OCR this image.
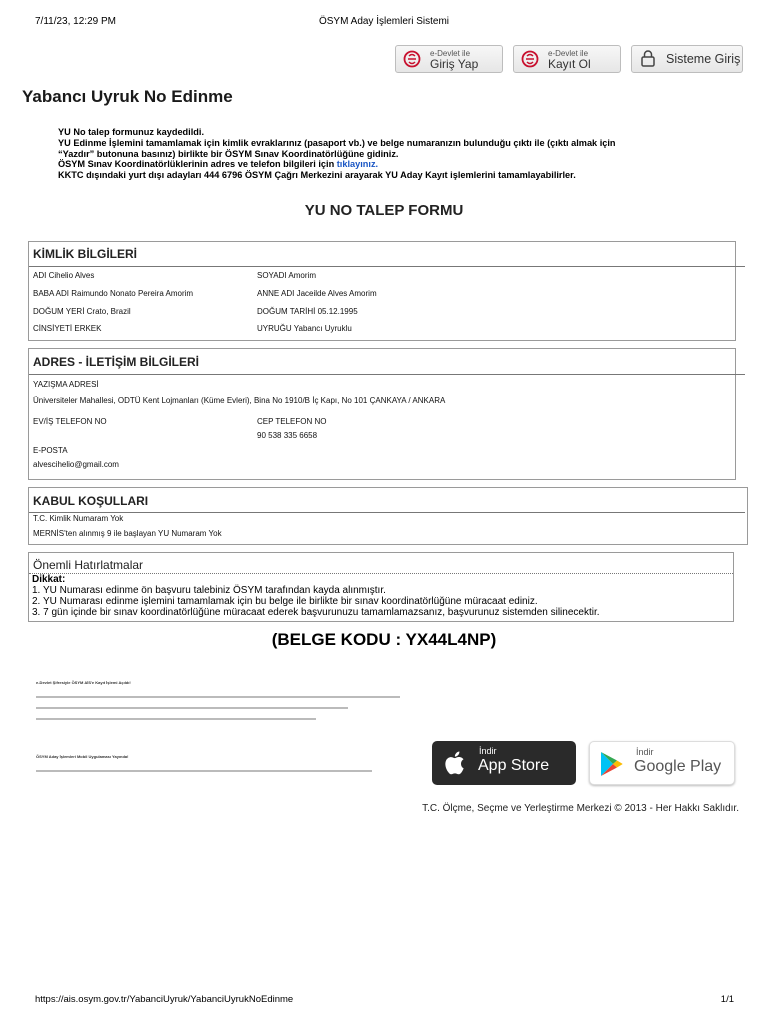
7/11/23, 12:29 PM	ÖSYM Aday İşlemleri Sistemi
e-Devlet ile
Giriş Yap
e-Devlet ile
Kayıt Ol	Sisteme Giriş
Yabancı Uyruk No Edinme
YU No talep formunuz kaydedildi.
YU Edinme İşlemini tamamlamak için kimlik evraklarınız (pasaport vb.) ve belge numaranızın bulunduğu çıktı ile (çıktı almak için
“Yazdır” butonuna basınız) birlikte bir ÖSYM Sınav Koordinatörlüğüne gidiniz.
ÖSYM Sınav Koordinatörlüklerinin adres ve telefon bilgileri için tıklayınız.
KKTC dışındaki yurt dışı adayları 444 6796 ÖSYM Çağrı Merkezini arayarak YU Aday Kayıt işlemlerini tamamlayabilirler.
YU NO TALEP FORMU
KİMLİK BİLGİLERİ
ADI Cihelio Alves	SOYADI Amorim
BABA ADI Raimundo Nonato Pereira Amorim	ANNE ADI Jaceilde Alves Amorim
DOĞUM YERİ Crato, Brazil	DOĞUM TARİHİ 05.12.1995
CİNSİYETİ ERKEK	UYRUĞU Yabancı Uyruklu
ADRES - İLETİŞİM BİLGİLERİ
YAZIŞMA ADRESİ
Üniversiteler Mahallesi, ODTÜ Kent Lojmanları (Küme Evleri), Bina No 1910/B İç Kapı, No 101 ÇANKAYA / ANKARA
EV/İŞ TELEFON NO	CEP TELEFON NO
90 538 335 6658
E-POSTA
alvescihelio@gmail.com
KABUL KOŞULLARI
T.C. Kimlik Numaram Yok
MERNİS'ten alınmış 9 ile başlayan YU Numaram Yok
Önemli Hatırlatmalar
Dikkat:
1. YU Numarası edinme ön başvuru talebiniz ÖSYM tarafından kayda alınmıştır.
2. YU Numarası edinme işlemini tamamlamak için bu belge ile birlikte bir sınav koordinatörlüğüne müracaat ediniz.
3. 7 gün içinde bir sınav koordinatörlüğüne müracaat ederek başvurunuzu tamamlamazsanız, başvurunuz sistemden silinecektir.
(BELGE KODU : YX44L4NP)
e-Devlet Şifresiyle ÖSYM AİS'e Kayıt İşlemi Açıldı!
ÖSYM Aday İşlemleri Mobil Uygulaması Yayında!
İndir
App Store
İndir
Google Play
T.C. Ölçme, Seçme ve Yerleştirme Merkezi © 2013 - Her Hakkı Saklıdır.
https://ais.osym.gov.tr/YabanciUyruk/YabanciUyrukNoEdinme	1/1
